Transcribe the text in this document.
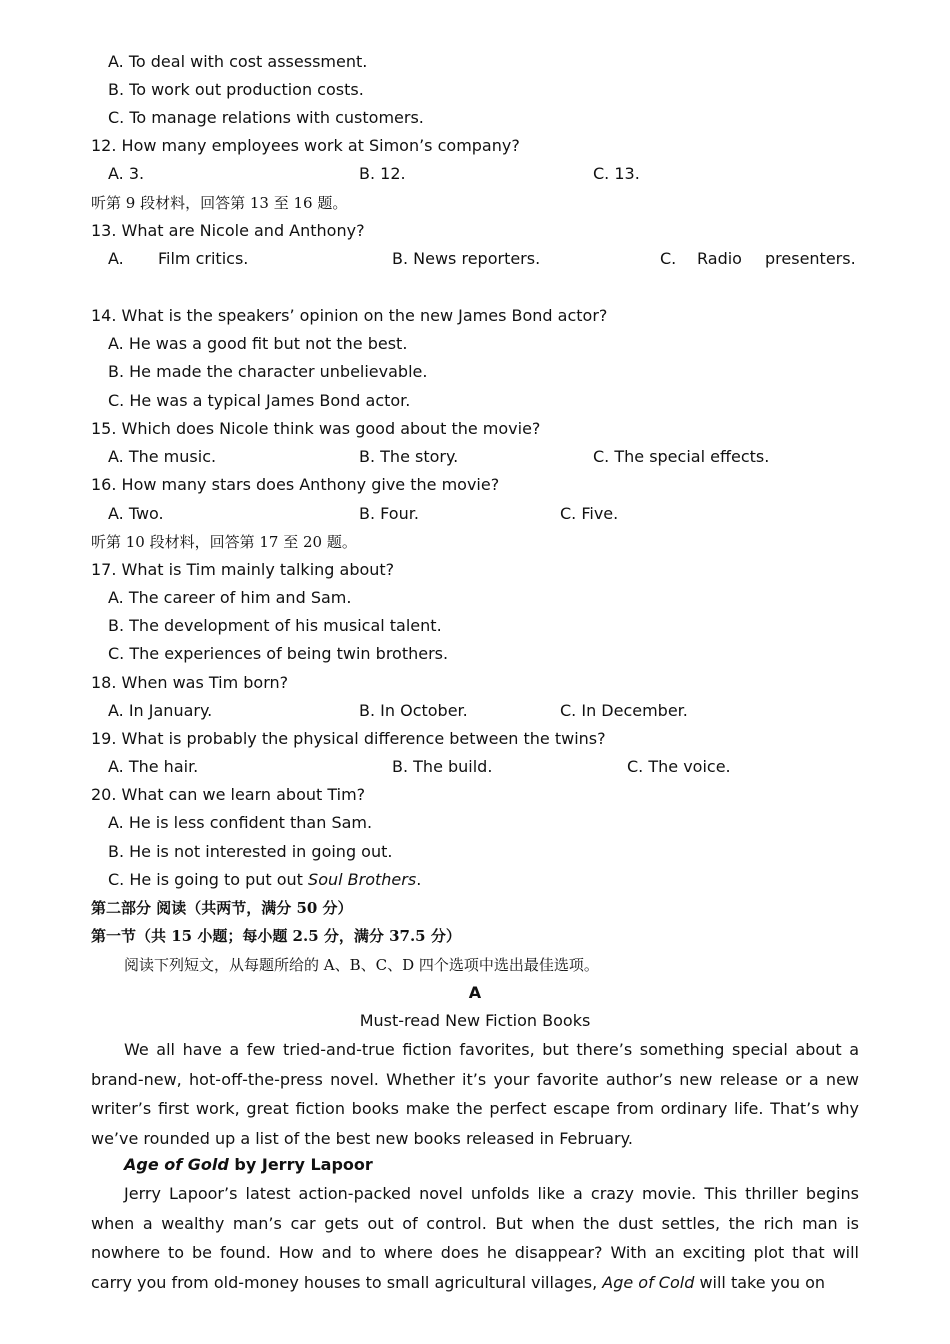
A. To deal with cost assessment.
B. To work out production costs.
C. To manage relations with customers.
12. How many employees work at Simon’s company?
A. 3.	B. 12.	C. 13.
听第 9 段材料，回答第 13 至 16 题。
13. What are Nicole and Anthony?
A. Film critics.	B. News reporters.	C. Radio presenters.
14. What is the speakers’ opinion on the new James Bond actor?
A. He was a good fit but not the best.
B. He made the character unbelievable.
C. He was a typical James Bond actor.
15. Which does Nicole think was good about the movie?
A. The music.	B. The story.	C. The special effects.
16. How many stars does Anthony give the movie?
A. Two.	B. Four.	C. Five.
听第 10 段材料，回答第 17 至 20 题。
17. What is Tim mainly talking about?
A. The career of him and Sam.
B. The development of his musical talent.
C. The experiences of being twin brothers.
18. When was Tim born?
A. In January.	B. In October.	C. In December.
19. What is probably the physical difference between the twins?
A. The hair.	B. The build.	C. The voice.
20. What can we learn about Tim?
A. He is less confident than Sam.
B. He is not interested in going out.
C. He is going to put out Soul Brothers.
第二部分 阅读（共两节，满分 50 分）
第一节（共 15 小题；每小题 2.5 分，满分 37.5 分）
阅读下列短文，从每题所给的 A、B、C、D 四个选项中选出最佳选项。
A
Must-read New Fiction Books
We all have a few tried-and-true fiction favorites, but there’s something special about a brand-new, hot-off-the-press novel. Whether it’s your favorite author’s new release or a new writer’s first work, great fiction books make the perfect escape from ordinary life. That’s why we’ve rounded up a list of the best new books released in February.
Age of Gold by Jerry Lapoor
Jerry Lapoor’s latest action-packed novel unfolds like a crazy movie. This thriller begins when a wealthy man’s car gets out of control. But when the dust settles, the rich man is nowhere to be found. How and to where does he disappear? With an exciting plot that will carry you from old-money houses to small agricultural villages, Age of Cold will take you on
